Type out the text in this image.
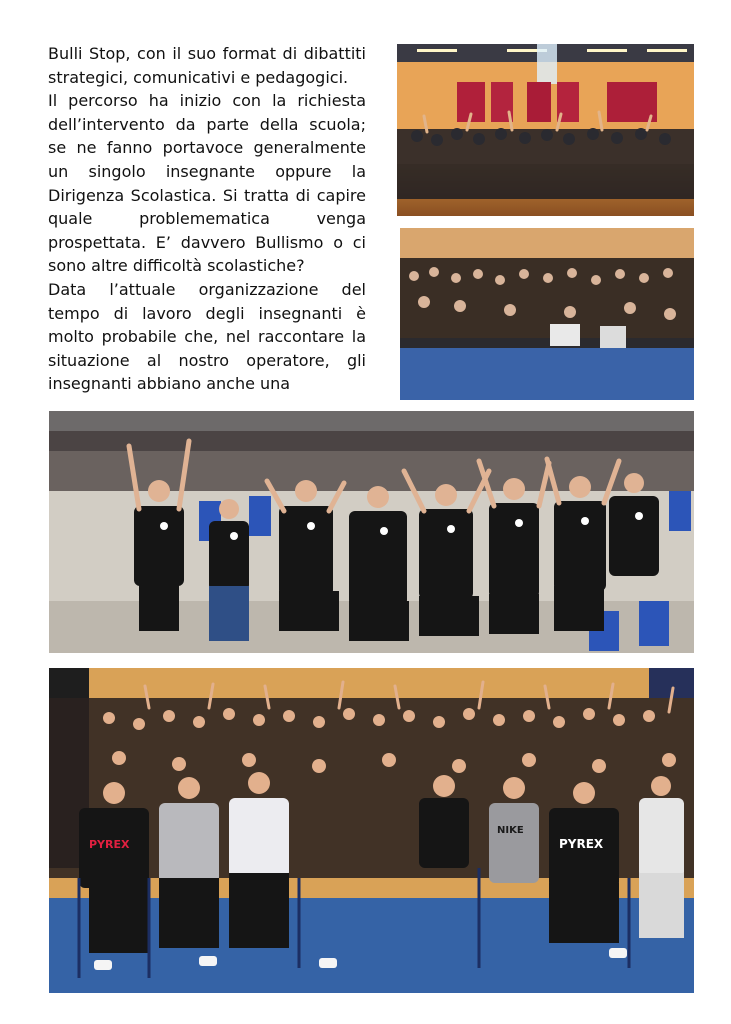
Bulli Stop, con il suo format di dibattiti strategici, comunicativi e pedagogici.

Il percorso ha inizio con la richiesta dell’intervento da parte della scuola; se ne fanno portavoce generalmente un singolo insegnante oppure la Dirigenza Scolastica. Si tratta di capire quale problemematica venga prospettata. E’ davvero Bullismo o ci sono altre difficoltà scolastiche?

Data l’attuale organizzazione del tempo di lavoro degli insegnanti è molto probabile che, nel raccontare la situazione al nostro operatore, gli insegnanti abbiano anche una

PYREX	PYREX
NIKE
